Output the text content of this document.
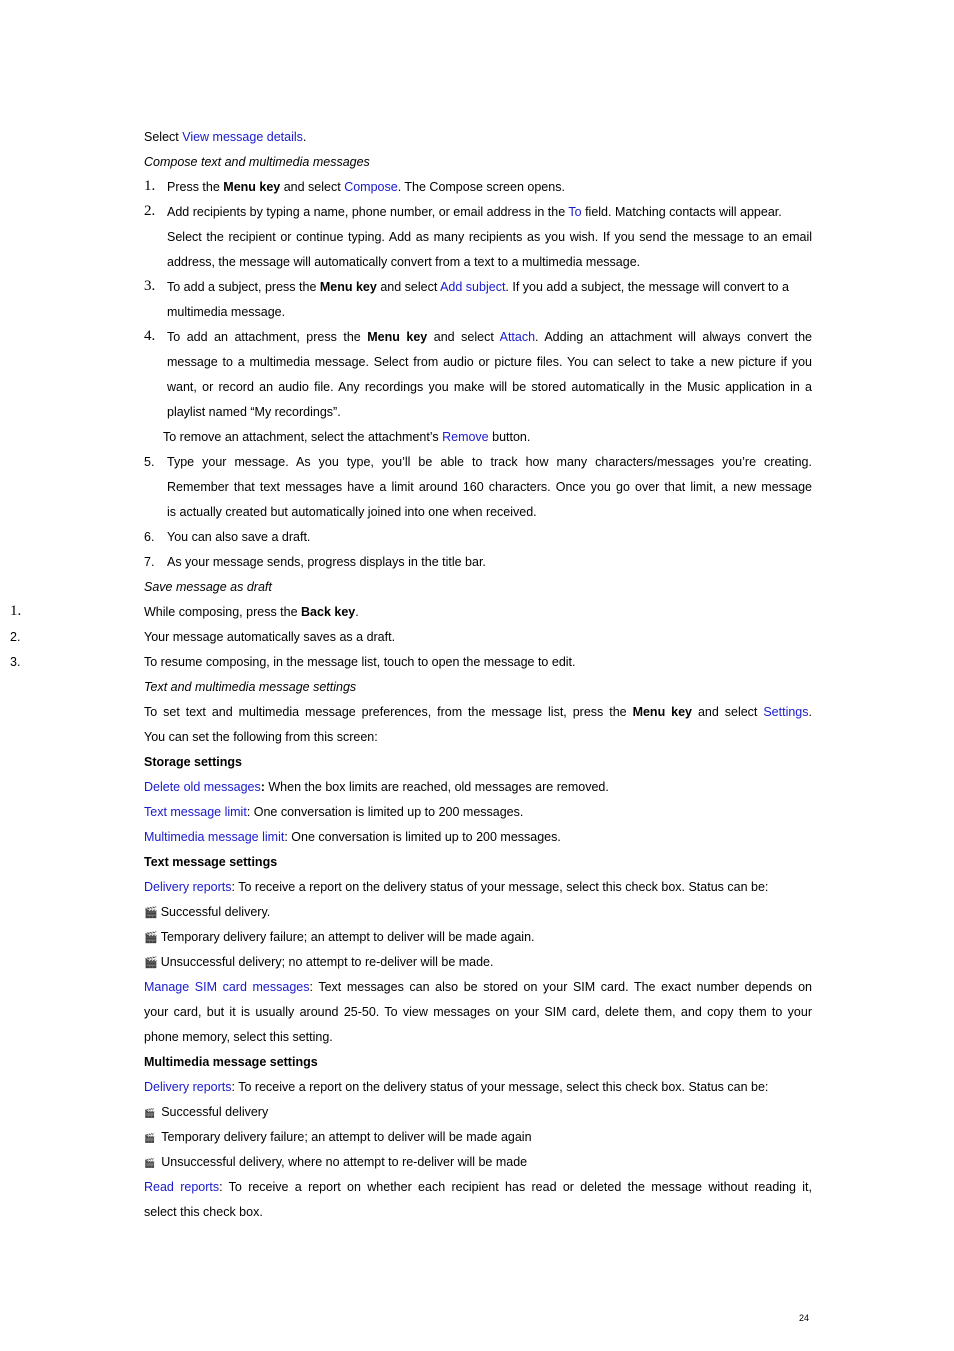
Select View message details.
Compose text and multimedia messages
1. Press the Menu key and select Compose. The Compose screen opens.
2. Add recipients by typing a name, phone number, or email address in the To field. Matching contacts will appear.
Select the recipient or continue typing. Add as many recipients as you wish. If you send the message to an email
address, the message will automatically convert from a text to a multimedia message.
3. To add a subject, press the Menu key and select Add subject. If you add a subject, the message will convert to a
multimedia message.
4. To add an attachment, press the Menu key and select Attach. Adding an attachment will always convert the
message to a multimedia message. Select from audio or picture files. You can select to take a new picture if you
want, or record an audio file. Any recordings you make will be stored automatically in the Music application in a
playlist named “My recordings”.
To remove an attachment, select the attachment’s Remove button.
5.	Type your message. As you type, you’ll be able to track how many characters/messages you’re creating.
Remember that text messages have a limit around 160 characters. Once you go over that limit, a new message
is actually created but automatically joined into one when received.
6.	You can also save a draft.
7.	As your message sends, progress displays in the title bar.
Save message as draft
1.	While composing, press the Back key.
2.	Your message automatically saves as a draft.
3.	To resume composing, in the message list, touch to open the message to edit.
Text and multimedia message settings
To set text and multimedia message preferences, from the message list, press the Menu key and select Settings.
You can set the following from this screen:
Storage settings
Delete old messages: When the box limits are reached, old messages are removed.
Text message limit: One conversation is limited up to 200 messages.
Multimedia message limit: One conversation is limited up to 200 messages.
Text message settings
Delivery reports: To receive a report on the delivery status of your message, select this check box. Status can be:
🎬 Successful delivery.
🎬 Temporary delivery failure; an attempt to deliver will be made again.
🎬 Unsuccessful delivery; no attempt to re-deliver will be made.
Manage SIM card messages: Text messages can also be stored on your SIM card. The exact number depends on
your card, but it is usually around 25-50. To view messages on your SIM card, delete them, and copy them to your
phone memory, select this setting.
Multimedia message settings
Delivery reports: To receive a report on the delivery status of your message, select this check box. Status can be:
🎬 Successful delivery
🎬 Temporary delivery failure; an attempt to deliver will be made again
🎬 Unsuccessful delivery, where no attempt to re-deliver will be made
Read reports: To receive a report on whether each recipient has read or deleted the message without reading it,
select this check box.
24
